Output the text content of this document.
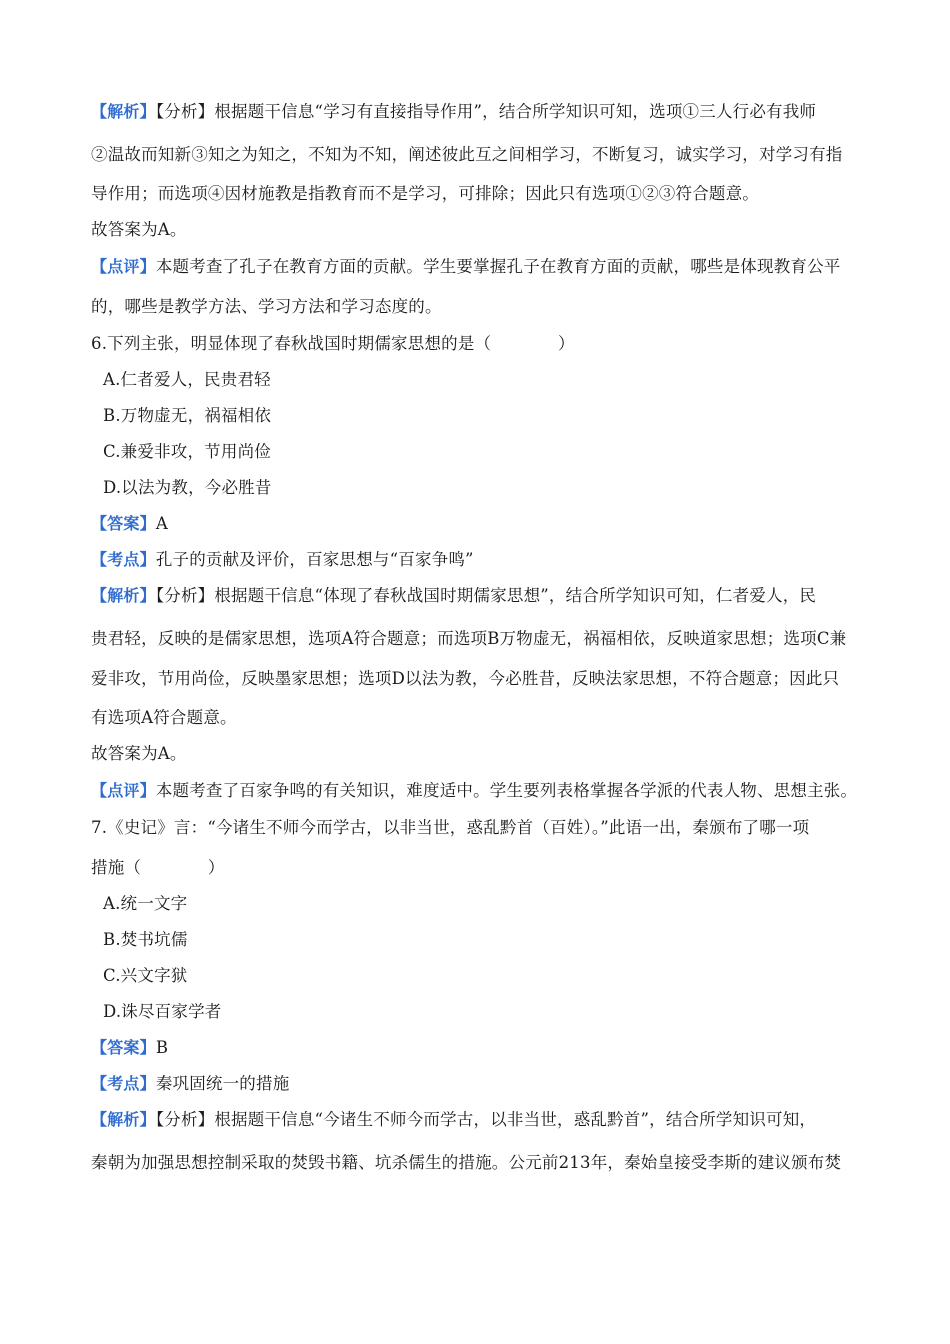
【解析】【分析】根据题干信息“学习有直接指导作用”，结合所学知识可知，选项①三人行必有我师
②温故而知新③知之为知之，不知为不知，阐述彼此互之间相学习，不断复习，诚实学习，对学习有指
导作用；而选项④因材施教是指教育而不是学习，可排除；因此只有选项①②③符合题意。
故答案为A。
【点评】本题考查了孔子在教育方面的贡献。学生要掌握孔子在教育方面的贡献，哪些是体现教育公平
的，哪些是教学方法、学习方法和学习态度的。
6.下列主张，明显体现了春秋战国时期儒家思想的是（　　　　）
A.仁者爱人，民贵君轻
B.万物虚无，祸福相依
C.兼爱非攻，节用尚俭
D.以法为教，今必胜昔
【答案】A
【考点】孔子的贡献及评价，百家思想与“百家争鸣”
【解析】【分析】根据题干信息“体现了春秋战国时期儒家思想”，结合所学知识可知，仁者爱人，民
贵君轻，反映的是儒家思想，选项A符合题意；而选项B万物虚无，祸福相依，反映道家思想；选项C兼
爱非攻，节用尚俭，反映墨家思想；选项D以法为教，今必胜昔，反映法家思想，不符合题意；因此只
有选项A符合题意。
故答案为A。
【点评】本题考查了百家争鸣的有关知识，难度适中。学生要列表格掌握各学派的代表人物、思想主张。
7.《史记》言：“今诸生不师今而学古，以非当世，惑乱黔首（百姓）。”此语一出，秦颁布了哪一项
措施（　　　　）
A.统一文字
B.焚书坑儒
C.兴文字狱
D.诛尽百家学者
【答案】B
【考点】秦巩固统一的措施
【解析】【分析】根据题干信息“今诸生不师今而学古，以非当世，惑乱黔首”，结合所学知识可知，
秦朝为加强思想控制采取的焚毁书籍、坑杀儒生的措施。公元前213年，秦始皇接受李斯的建议颁布焚
